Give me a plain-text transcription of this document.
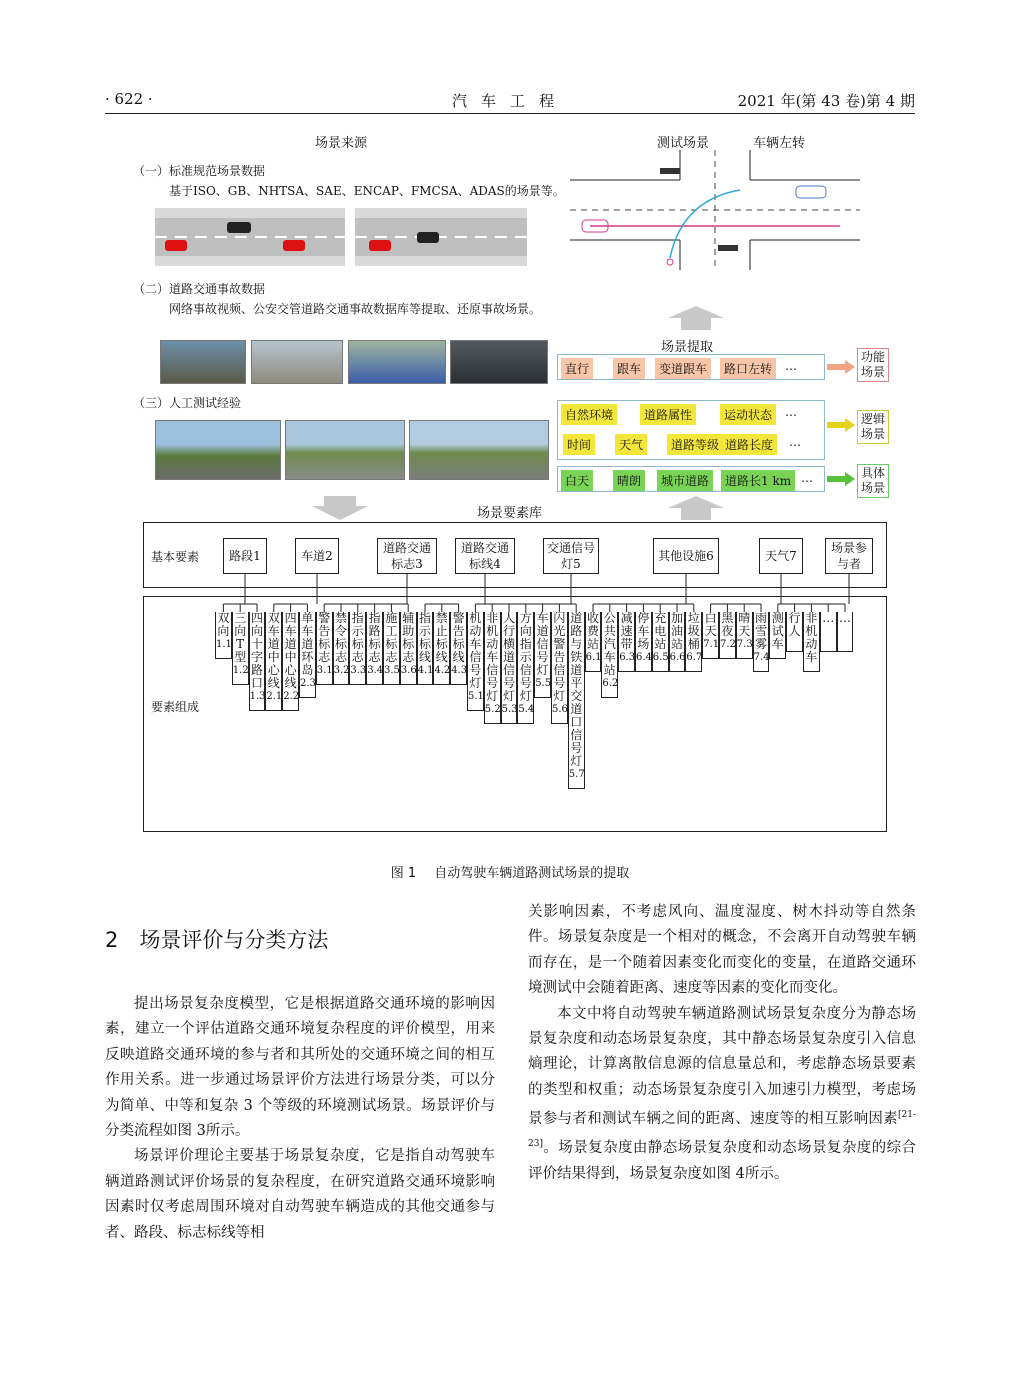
· 622 ·	汽车工程	2021 年(第 43 卷)第 4 期
场景来源
（一）标准规范场景数据
基于ISO、GB、NHTSA、SAE、ENCAP、FMCSA、ADAS的场景等。
（二）道路交通事故数据
网络事故视频、公安交管道路交通事故数据库等提取、还原事故场景。
（三）人工测试经验
测试场景	车辆左转
场景提取
直行	跟车	变道跟车	路口左转	…
功能场景
自然环境	道路属性	运动状态	…
时间	天气	道路等级 道路长度	…
逻辑场景
白天	晴朗	城市道路	道路长1 km …	具体场景
场景要素库
基本要素	路段1	车道2
道路交通标志3
道路交通标线4
交通信号灯5
其他设施6	天气7
场景参与者
要素组成
双向
1.1
三向T型
1.2
四向十字路口
1.3
双车道中心线
2.1
四车道中心线
2.2
单车道环岛
2.3
警告标志
3.1
禁令标志
3.2
指示标志
3.3
指路标志
3.4
施工标志
3.5
辅助标志
3.6
指示标线
4.1
禁止标线
4.2
警告标线
4.3
机动车信号灯
5.1
非机动车信号灯
5.2
人行横道信号灯
5.3
方向指示信号灯
5.4
车道信号灯
5.5
闪光警告信号灯
5.6
道路与铁道平交道口信号灯
5.7
收费站
6.1
公共汽车站
6.2
减速带
6.3
停车场
6.4
充电站
6.5
加油站
6.6
垃圾桶
6.7
白天
7.1
黑夜
7.2
晴天
7.3
雨雪雾
7.4
测试车
行人
非机动车
… …
图 1 自动驾驶车辆道路测试场景的提取
2　场景评价与分类方法

提出场景复杂度模型，它是根据道路交通环境的影响因素，建立一个评估道路交通环境复杂程度的评价模型，用来反映道路交通环境的参与者和其所处的交通环境之间的相互作用关系。进一步通过场景评价方法进行场景分类，可以分为简单、中等和复杂 3 个等级的环境测试场景。场景评价与分类流程如图 3所示。

场景评价理论主要基于场景复杂度，它是指自动驾驶车辆道路测试评价场景的复杂程度，在研究道路交通环境影响因素时仅考虑周围环境对自动驾驶车辆造成的其他交通参与者、路段、标志标线等相

关影响因素，不考虑风向、温度湿度、树木抖动等自然条件。场景复杂度是一个相对的概念，不会离开自动驾驶车辆而存在，是一个随着因素变化而变化的变量，在道路交通环境测试中会随着距离、速度等因素的变化而变化。

本文中将自动驾驶车辆道路测试场景复杂度分为静态场景复杂度和动态场景复杂度，其中静态场景复杂度引入信息熵理论，计算离散信息源的信息量总和，考虑静态场景要素的类型和权重；动态场景复杂度引入加速引力模型，考虑场景参与者和测试车辆之间的距离、速度等的相互影响因素[21-23]。场景复杂度由静态场景复杂度和动态场景复杂度的综合评价结果得到，场景复杂度如图 4所示。
